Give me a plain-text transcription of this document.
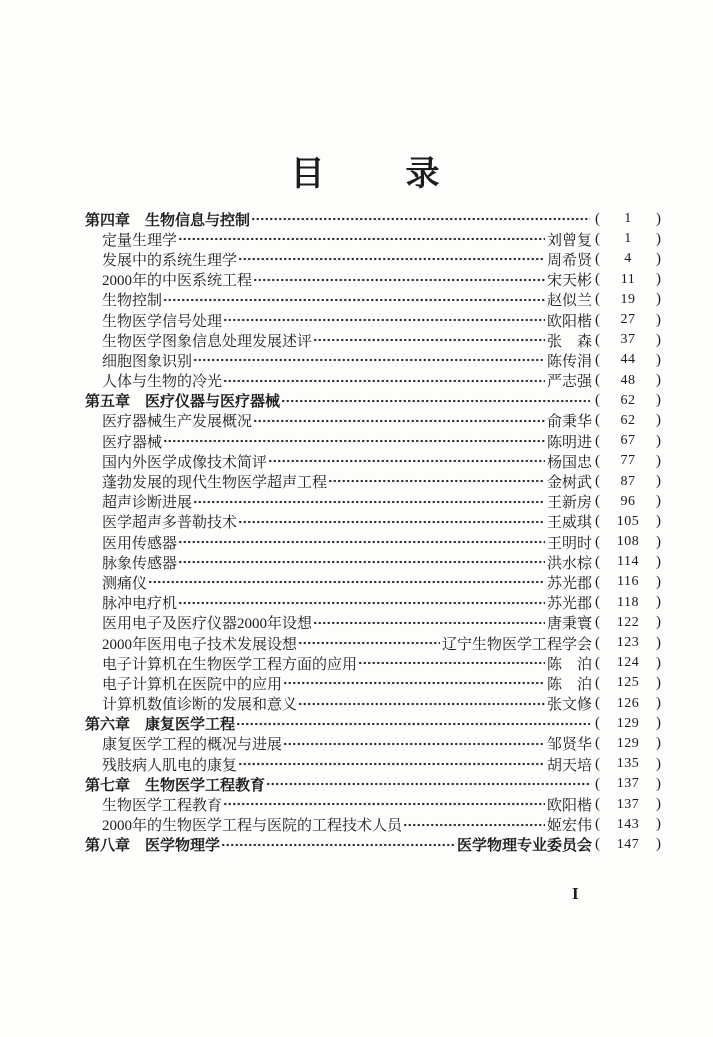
目 录
第四章 生物信息与控制	( 1 )
定量生理学	刘曾复 ( 1 )
发展中的系统生理学	周希贤 ( 4 )
2000年的中医系统工程	宋天彬 ( 11 )
生物控制	赵似兰 ( 19 )
生物医学信号处理	欧阳楷 ( 27 )
生物医学图象信息处理发展述评	张　森 ( 37 )
细胞图象识别	陈传涓 ( 44 )
人体与生物的冷光	严志强 ( 48 )
第五章 医疗仪器与医疗器械	( 62 )
医疗器械生产发展概况	俞秉华 ( 62 )
医疗器械	陈明进 ( 67 )
国内外医学成像技术简评	杨国忠 ( 77 )
蓬勃发展的现代生物医学超声工程	金树武 ( 87 )
超声诊断进展	王新房 ( 96 )
医学超声多普勒技术	王威琪 ( 105 )
医用传感器	王明时 ( 108 )
脉象传感器	洪水棕 ( 114 )
测痛仪	苏光郡 ( 116 )
脉冲电疗机	苏光郡 ( 118 )
医用电子及医疗仪器2000年设想	唐秉寰 ( 122 )
2000年医用电子技术发展设想	辽宁生物医学工程学会 ( 123 )
电子计算机在生物医学工程方面的应用	陈　泊 ( 124 )
电子计算机在医院中的应用	陈　泊 ( 125 )
计算机数值诊断的发展和意义	张文修 ( 126 )
第六章 康复医学工程	( 129 )
康复医学工程的概况与进展	邹贤华 ( 129 )
残肢病人肌电的康复	胡天培 ( 135 )
第七章 生物医学工程教育	( 137 )
生物医学工程教育	欧阳楷 ( 137 )
2000年的生物医学工程与医院的工程技术人员	姬宏伟 ( 143 )
第八章 医学物理学	医学物理专业委员会 ( 147 )
I
